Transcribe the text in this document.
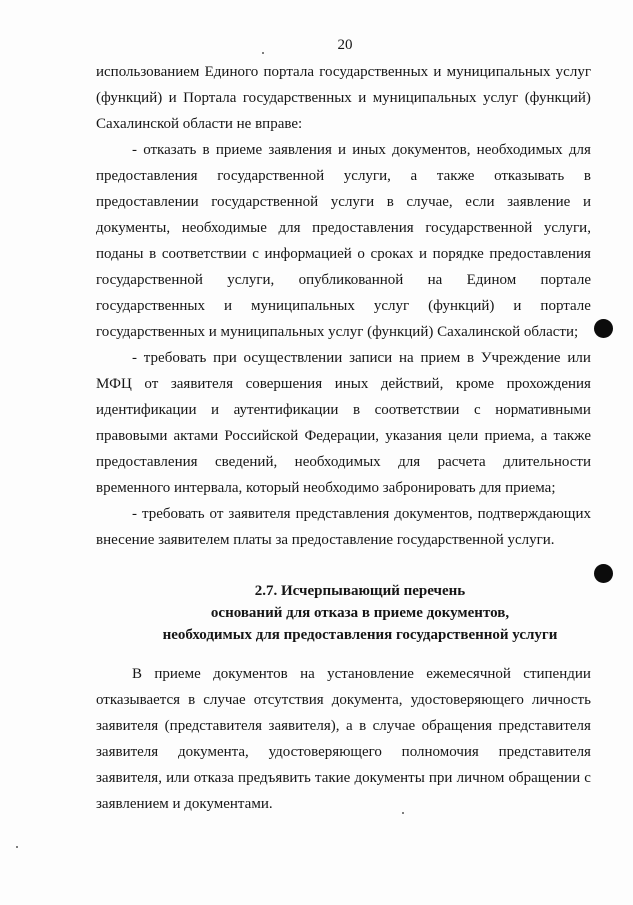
20
использованием Единого портала государственных и муниципальных услуг
(функций) и Портала государственных и муниципальных услуг (функций)
Сахалинской области не вправе:
- отказать в приеме заявления и иных документов, необходимых для
предоставления государственной услуги, а также отказывать в
предоставлении государственной услуги в случае, если заявление и
документы, необходимые для предоставления государственной услуги,
поданы в соответствии с информацией о сроках и порядке предоставления
государственной услуги, опубликованной на Едином портале
государственных и муниципальных услуг (функций) и портале
государственных и муниципальных услуг (функций) Сахалинской области;
- требовать при осуществлении записи на прием в Учреждение или
МФЦ от заявителя совершения иных действий, кроме прохождения
идентификации и аутентификации в соответствии с нормативными
правовыми актами Российской Федерации, указания цели приема, а также
предоставления сведений, необходимых для расчета длительности
временного интервала, который необходимо забронировать для приема;
- требовать от заявителя представления документов, подтверждающих
внесение заявителем платы за предоставление государственной услуги.
2.7. Исчерпывающий перечень
оснований для отказа в приеме документов,
необходимых для предоставления государственной услуги
В приеме документов на установление ежемесячной стипендии
отказывается в случае отсутствия документа, удостоверяющего личность
заявителя (представителя заявителя), а в случае обращения представителя
заявителя документа, удостоверяющего полномочия представителя
заявителя, или отказа предъявить такие документы при личном обращении с
заявлением и документами.
